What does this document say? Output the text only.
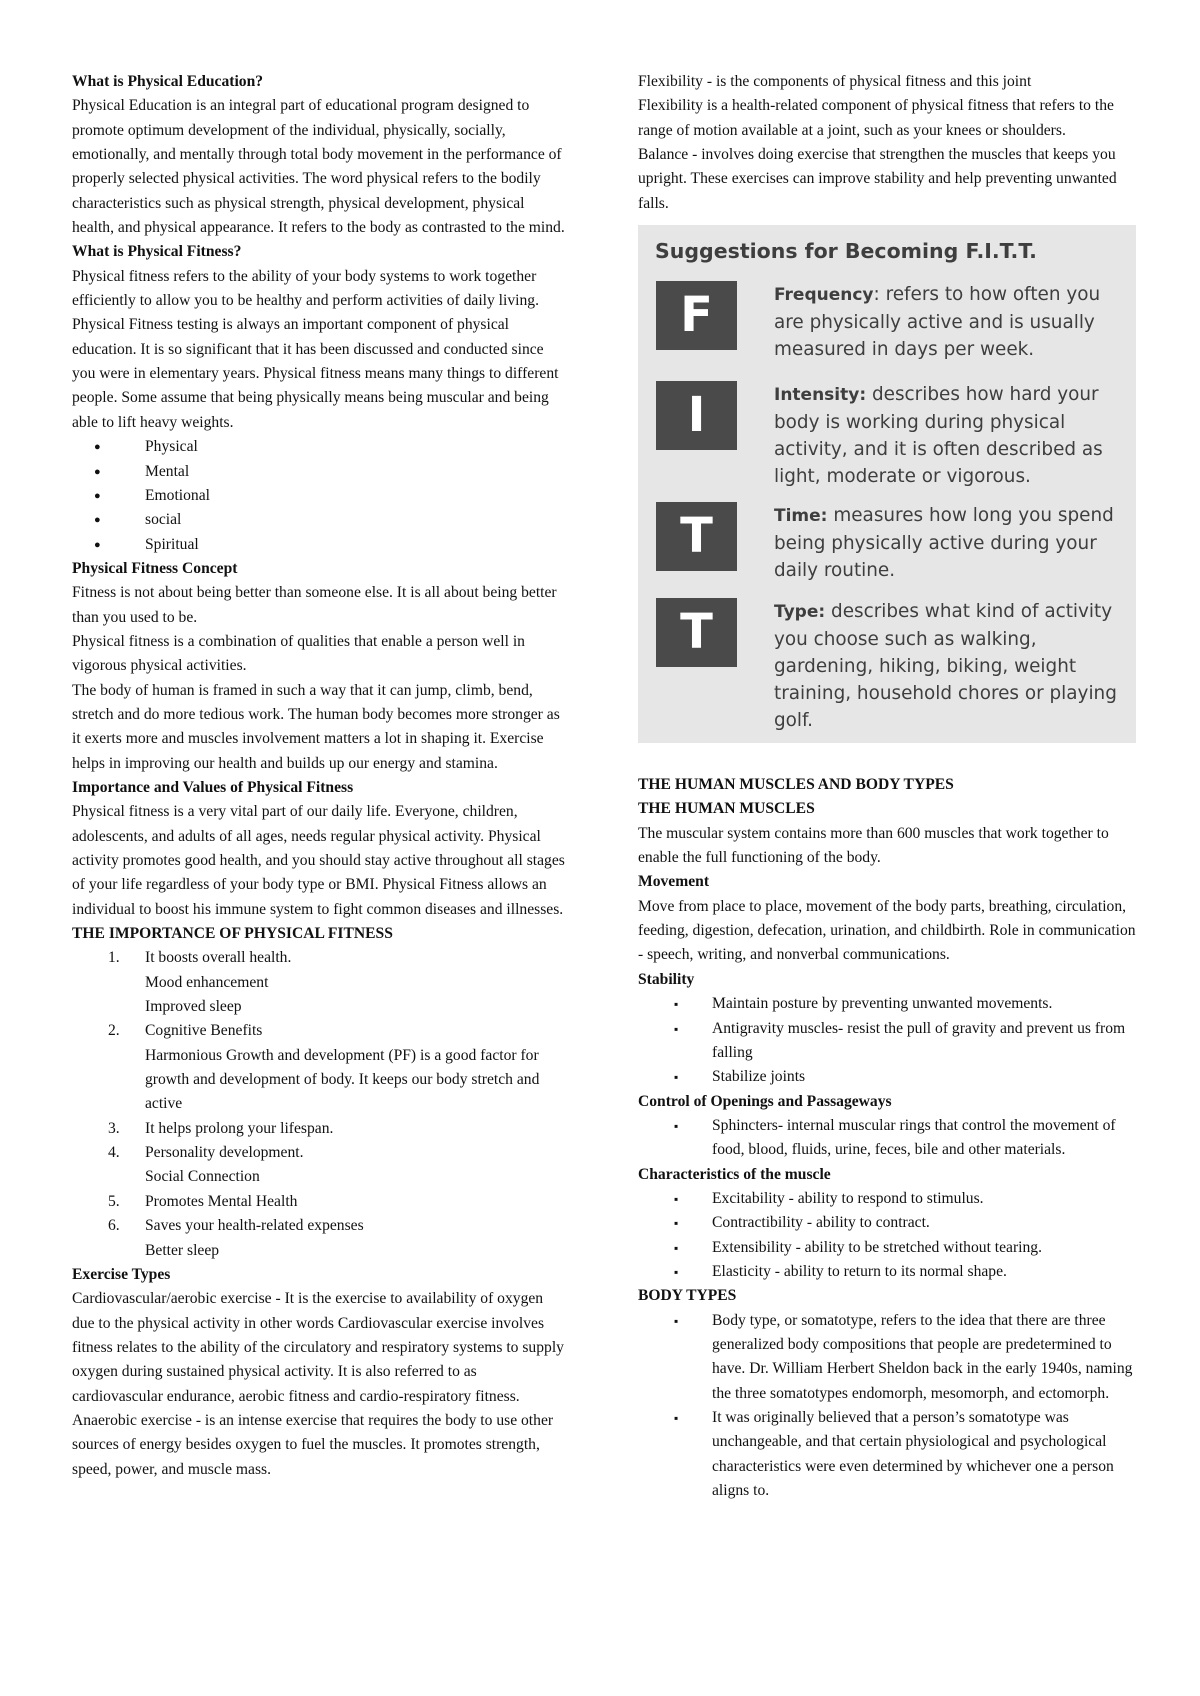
What is Physical Education?

Physical Education is an integral part of educational program designed to promote optimum development of the individual, physically, socially, emotionally, and mentally through total body movement in the performance of properly selected physical activities. The word physical refers to the bodily characteristics such as physical strength, physical development, physical health, and physical appearance. It refers to the body as contrasted to the mind.

What is Physical Fitness?

Physical fitness refers to the ability of your body systems to work together efficiently to allow you to be healthy and perform activities of daily living. Physical Fitness testing is always an important component of physical education. It is so significant that it has been discussed and conducted since you were in elementary years. Physical fitness means many things to different people. Some assume that being physically means being muscular and being able to lift heavy weights.

● Physical
● Mental
● Emotional
● social
● Spiritual

Physical Fitness Concept

Fitness is not about being better than someone else. It is all about being better than you used to be.

Physical fitness is a combination of qualities that enable a person well in vigorous physical activities.

The body of human is framed in such a way that it can jump, climb, bend, stretch and do more tedious work. The human body becomes more stronger as it exerts more and muscles involvement matters a lot in shaping it. Exercise helps in improving our health and builds up our energy and stamina.

Importance and Values of Physical Fitness

Physical fitness is a very vital part of our daily life. Everyone, children, adolescents, and adults of all ages, needs regular physical activity. Physical activity promotes good health, and you should stay active throughout all stages of your life regardless of your body type or BMI. Physical Fitness allows an individual to boost his immune system to fight common diseases and illnesses.

THE IMPORTANCE OF PHYSICAL FITNESS

1. It boosts overall health.
Mood enhancement
Improved sleep
2. Cognitive Benefits
Harmonious Growth and development (PF) is a good factor for growth and development of body. It keeps our body stretch and active
3. It helps prolong your lifespan.
4. Personality development.
Social Connection
5. Promotes Mental Health
6. Saves your health-related expenses
Better sleep

Exercise Types

Cardiovascular/aerobic exercise - It is the exercise to availability of oxygen due to the physical activity in other words Cardiovascular exercise involves fitness relates to the ability of the circulatory and respiratory systems to supply oxygen during sustained physical activity. It is also referred to as cardiovascular endurance, aerobic fitness and cardio-respiratory fitness.

Anaerobic exercise - is an intense exercise that requires the body to use other sources of energy besides oxygen to fuel the muscles. It promotes strength, speed, power, and muscle mass.

Flexibility - is the components of physical fitness and this joint

Flexibility is a health-related component of physical fitness that refers to the range of motion available at a joint, such as your knees or shoulders.

Balance - involves doing exercise that strengthen the muscles that keeps you upright. These exercises can improve stability and help preventing unwanted falls.

Suggestions for Becoming F.I.T.T.
F	Frequency: refers to how often you are physically active and is usually measured in days per week.
I	Intensity: describes how hard your body is working during physical activity, and it is often described as light, moderate or vigorous.
T	Time: measures how long you spend being physically active during your daily routine.
T	Type: describes what kind of activity you choose such as walking, gardening, hiking, biking, weight training, household chores or playing golf.

THE HUMAN MUSCLES AND BODY TYPES

THE HUMAN MUSCLES

The muscular system contains more than 600 muscles that work together to enable the full functioning of the body.

Movement

Move from place to place, movement of the body parts, breathing, circulation, feeding, digestion, defecation, urination, and childbirth. Role in communication - speech, writing, and nonverbal communications.

Stability

▪ Maintain posture by preventing unwanted movements.
▪ Antigravity muscles- resist the pull of gravity and prevent us from falling
▪ Stabilize joints

Control of Openings and Passageways

▪ Sphincters- internal muscular rings that control the movement of food, blood, fluids, urine, feces, bile and other materials.

Characteristics of the muscle

▪ Excitability - ability to respond to stimulus.
▪ Contractibility - ability to contract.
▪ Extensibility - ability to be stretched without tearing.
▪ Elasticity - ability to return to its normal shape.

BODY TYPES

▪ Body type, or somatotype, refers to the idea that there are three generalized body compositions that people are predetermined to have. Dr. William Herbert Sheldon back in the early 1940s, naming the three somatotypes endomorph, mesomorph, and ectomorph.
▪ It was originally believed that a person’s somatotype was unchangeable, and that certain physiological and psychological characteristics were even determined by whichever one a person aligns to.
